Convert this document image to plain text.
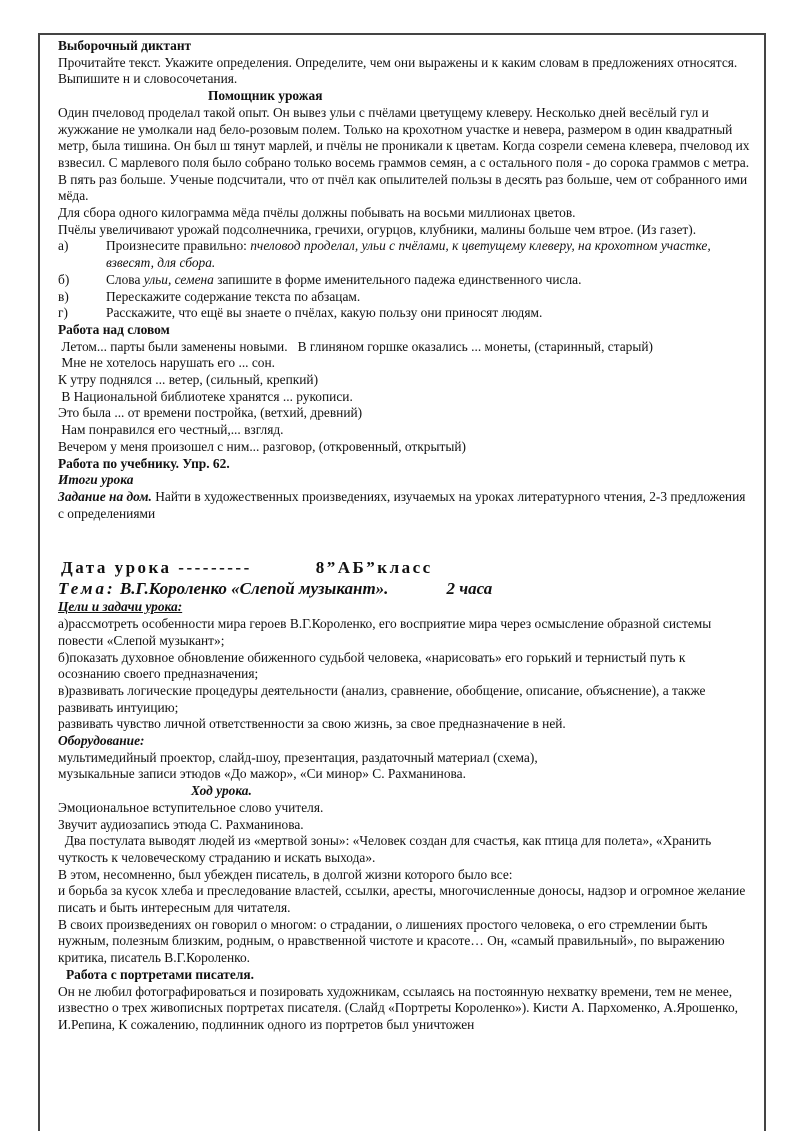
Выборочный диктант

Прочитайте текст. Укажите определения. Определите, чем они выражены и к каким словам в предложениях относятся. Выпишите н и словосочетания.

Помощник урожая

Один пчеловод проделал такой опыт. Он вывез ульи с пчёлами цветущему клеверу. Несколько дней весёлый гул и жужжание не умолкали над бело-розовым полем. Только на крохотном участке и невера, размером в один квадратный метр, была тишина. Он был ш тянут марлей, и пчёлы не проникали к цветам. Когда созрели семена клевера, пчеловод их взвесил. С марлевого поля было собрано только восемь граммов семян, а с остального поля - до сорока граммов с метра. В пять раз больше. Ученые подсчитали, что от пчёл как опылителей пользы в десять раз больше, чем от собранного ими мёда.

Для сбора одного килограмма мёда пчёлы должны побывать на восьми миллионах цветов.

Пчёлы увеличивают урожай подсолнечника, гречихи, огурцов, клубники, малины больше чем втрое. (Из газет).

а)	Произнесите правильно: пчеловод проделал, ульи с пчёлами, к цветущему клеверу, на крохотном участке, взвесят, для сбора.
б)	Слова ульи, семена запишите в форме именительного падежа единственного числа.
в)	Перескажите содержание текста по абзацам.
г)	Расскажите, что ещё вы знаете о пчёлах, какую пользу они приносят людям.

Работа над словом

Летом... парты были заменены новыми.   В глиняном горшке оказались ... монеты, (старинный, старый)

Мне не хотелось нарушать его ... сон.

К утру поднялся ... ветер, (сильный, крепкий)

В Национальной библиотеке хранятся ... рукописи.

Это была ... от времени постройка, (ветхий, древний)

Нам понравился его честный,... взгляд.

Вечером у меня произошел с ним... разговор, (откровенный, открытый)

Работа по учебнику. Упр. 62.

Итоги урока

Задание на дом. Найти в художественных произведениях, изучаемых на уроках литературного чтения, 2-3 предложения с определениями

Дата урока ---------	8”АБ”класс
Тема: В.Г.Короленко «Слепой музыкант».	2 часа

Цели и задачи урока:

а)рассмотреть особенности мира героев В.Г.Короленко, его восприятие мира через осмысление образной системы повести «Слепой музыкант»;

б)показать духовное обновление обиженного судьбой человека, «нарисовать» его горький и тернистый путь к осознанию своего предназначения;

в)развивать логические процедуры деятельности (анализ, сравнение, обобщение, описание, объяснение), а также развивать интуицию;

развивать чувство личной ответственности за свою жизнь, за свое предназначение в ней.

Оборудование:

мультимедийный проектор, слайд-шоу, презентация, раздаточный материал (схема),

музыкальные записи этюдов «До мажор», «Си минор» С. Рахманинова.

Ход урока.

Эмоциональное вступительное слово учителя.

Звучит аудиозапись этюда С. Рахманинова.

Два постулата выводят людей из «мертвой зоны»: «Человек создан для счастья, как птица для полета», «Хранить чуткость к человеческому страданию и искать выхода».

В этом, несомненно, был убежден писатель, в долгой жизни которого было все:

и борьба за кусок хлеба и преследование властей, ссылки, аресты, многочисленные доносы, надзор и огромное желание писать и быть интересным для читателя.

В своих произведениях он говорил о многом: о страдании, о лишениях простого человека, о его стремлении быть нужным, полезным близким, родным, о нравственной чистоте и красоте… Он, «самый правильный», по выражению критика, писатель В.Г.Короленко.

Работа с портретами писателя.

Он не любил фотографироваться и позировать художникам, ссылаясь на постоянную нехватку времени, тем не менее, известно о трех живописных портретах писателя. (Слайд «Портреты Короленко»). Кисти А. Пархоменко, А.Ярошенко, И.Репина, К сожалению, подлинник одного из портретов был уничтожен
